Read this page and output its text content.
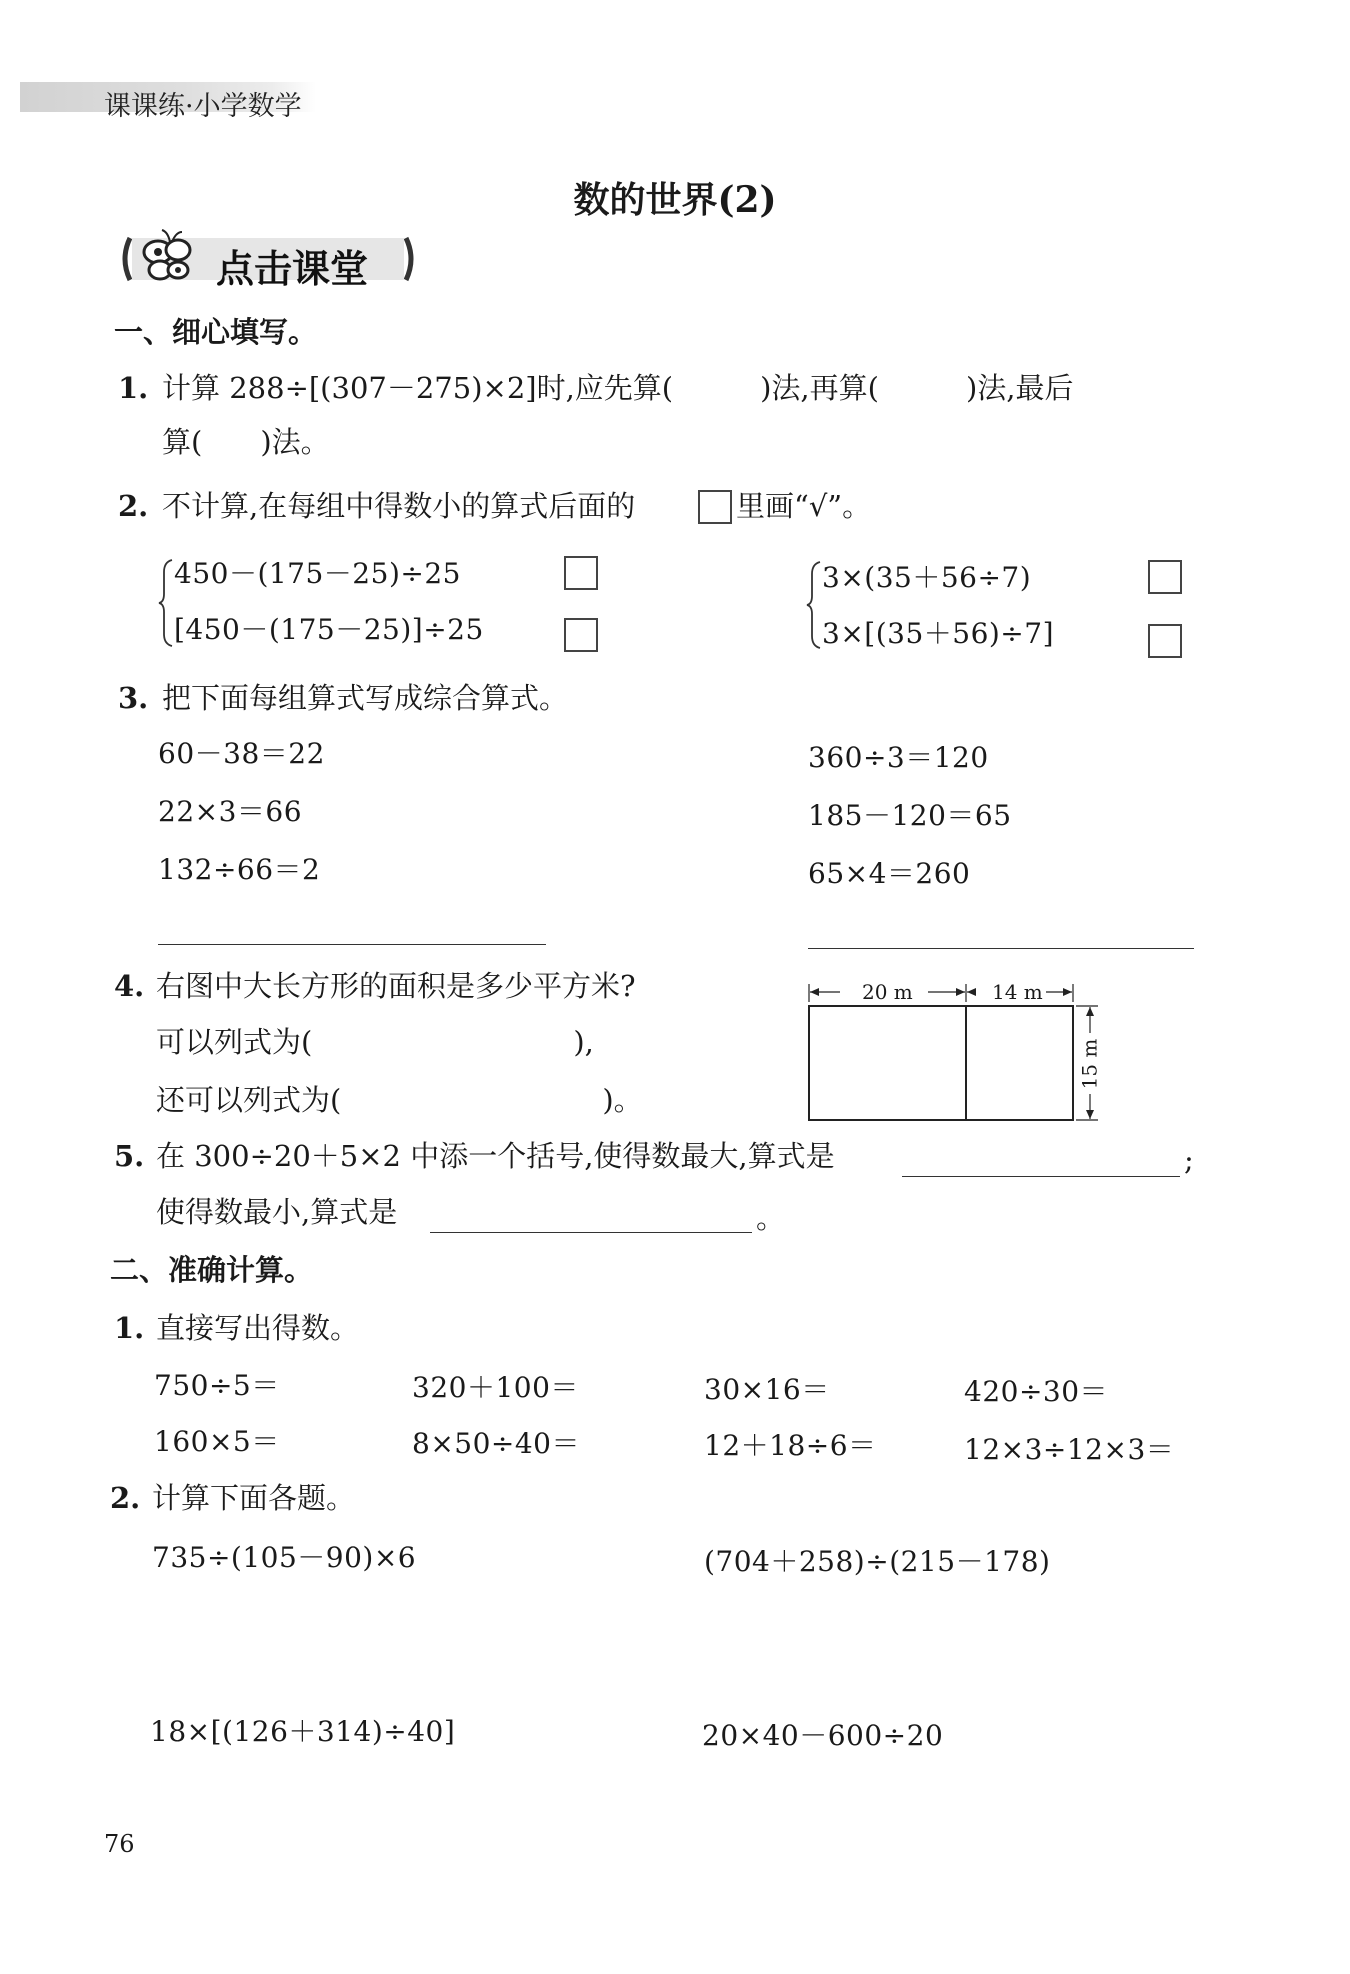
课课练·小学数学
数的世界(2)
点击课堂
一、细心填写。
1. 计算 288÷[(307－275)×2]时,应先算(　　　)法,再算(　　　)法,最后
算(　　)法。
2. 不计算,在每组中得数小的算式后面的	里画“√”。
450－(175－25)÷25
[450－(175－25)]÷25
3×(35＋56÷7)
3×[(35＋56)÷7]
3. 把下面每组算式写成综合算式。
60－38＝22
22×3＝66
132÷66＝2
360÷3＝120
185－120＝65
65×4＝260
4. 右图中大长方形的面积是多少平方米?
可以列式为(　　　　　　　　　),
还可以列式为(　　　　　　　　　)。
20 m	14 m
15 m
5. 在 300÷20＋5×2 中添一个括号,使得数最大,算式是	;
使得数最小,算式是	。
二、准确计算。
1. 直接写出得数。
750÷5＝	320＋100＝	30×16＝	420÷30＝
160×5＝	8×50÷40＝	12＋18÷6＝	12×3÷12×3＝
2. 计算下面各题。
735÷(105－90)×6	(704＋258)÷(215－178)
18×[(126＋314)÷40]	20×40－600÷20
76
